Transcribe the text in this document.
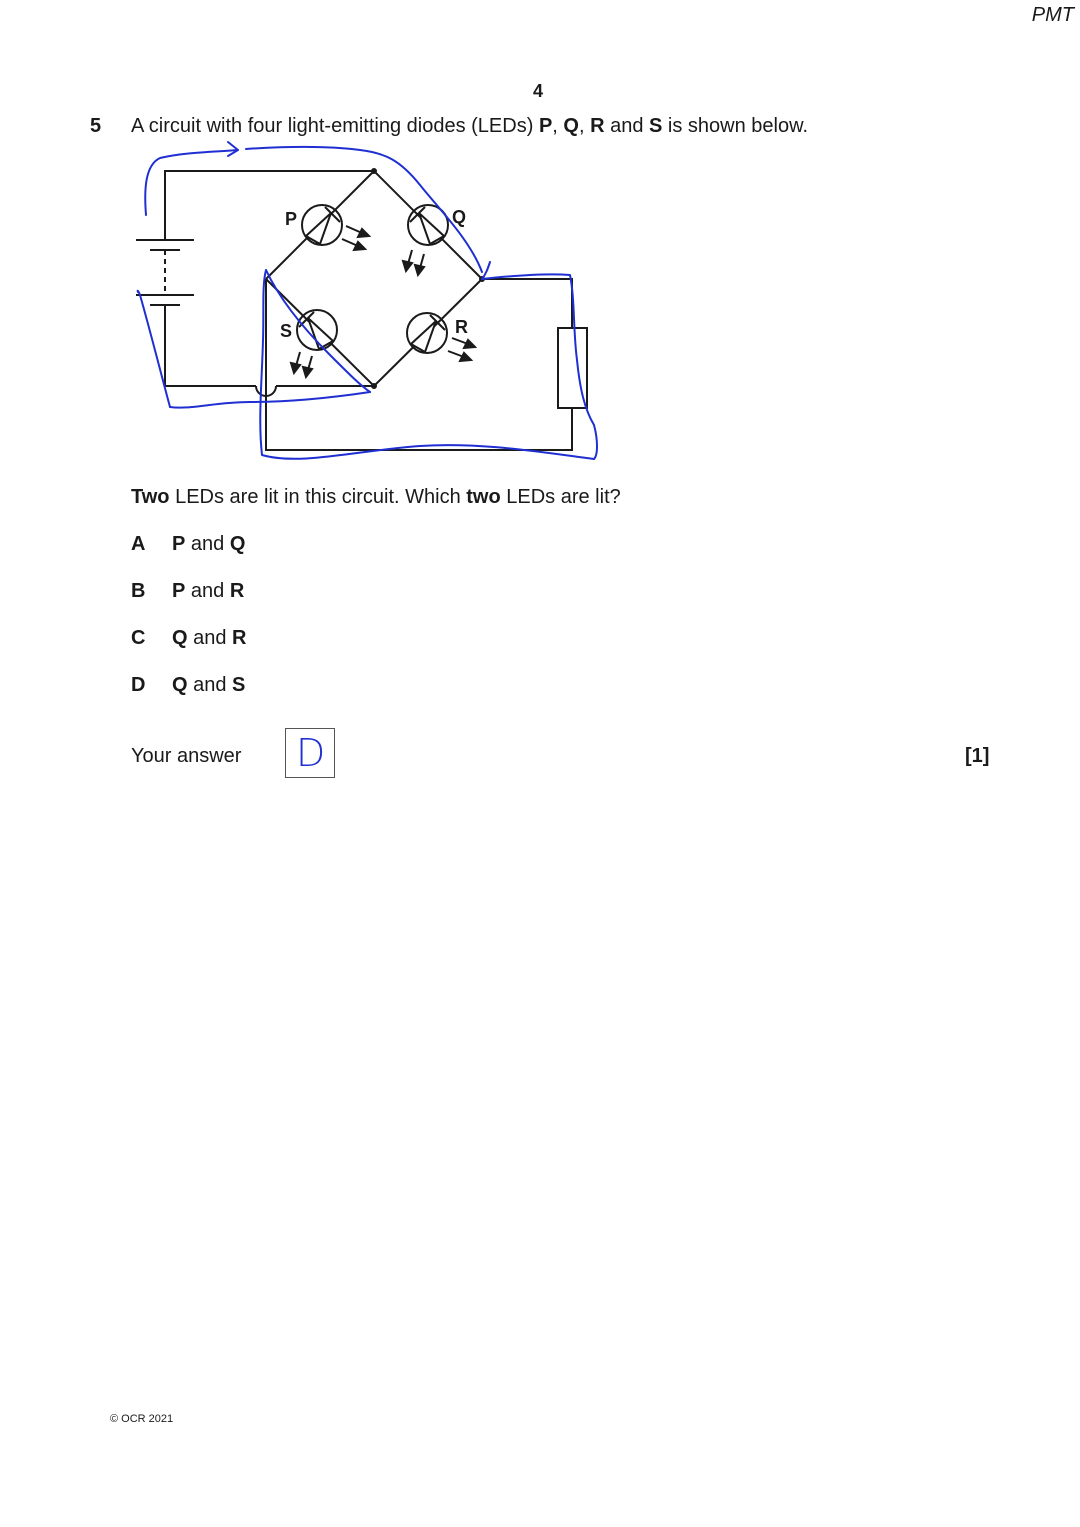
PMT
4
5 A circuit with four light-emitting diodes (LEDs) P, Q, R and S is shown below.
P	Q
R
S
Two LEDs are lit in this circuit. Which two LEDs are lit?
A P and Q
B P and R
C Q and R
D Q and S
Your answer D	[1]
© OCR 2021
